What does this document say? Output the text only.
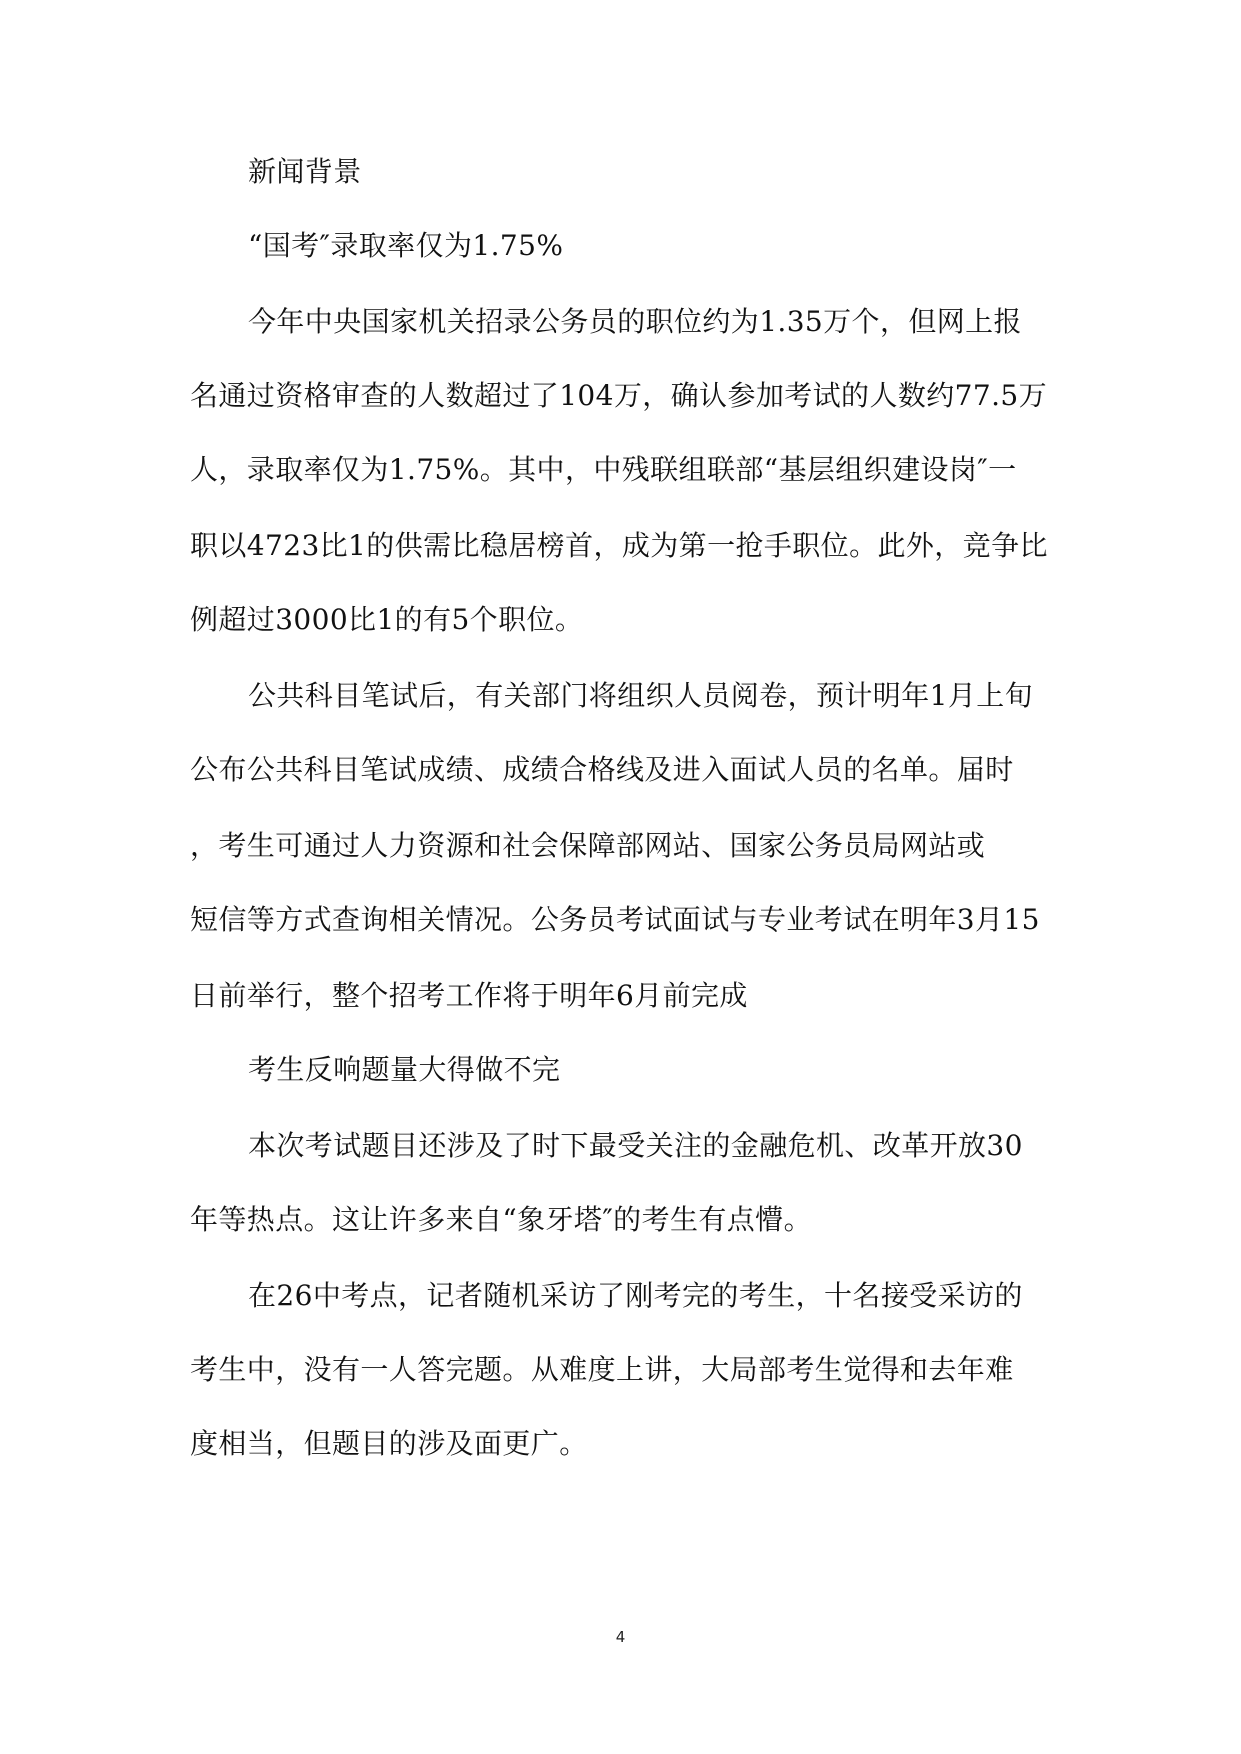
新闻背景
“国考″录取率仅为1.75%
今年中央国家机关招录公务员的职位约为1.35万个，但网上报
名通过资格审查的人数超过了104万，确认参加考试的人数约77.5万
人，录取率仅为1.75%。其中，中残联组联部“基层组织建设岗″一
职以4723比1的供需比稳居榜首，成为第一抢手职位。此外，竞争比
例超过3000比1的有5个职位。
公共科目笔试后，有关部门将组织人员阅卷，预计明年1月上旬
公布公共科目笔试成绩、成绩合格线及进入面试人员的名单。届时
，考生可通过人力资源和社会保障部网站、国家公务员局网站或
短信等方式查询相关情况。公务员考试面试与专业考试在明年3月15
日前举行，整个招考工作将于明年6月前完成
考生反响题量大得做不完
本次考试题目还涉及了时下最受关注的金融危机、改革开放30
年等热点。这让许多来自“象牙塔″的考生有点懵。
在26中考点，记者随机采访了刚考完的考生，十名接受采访的
考生中，没有一人答完题。从难度上讲，大局部考生觉得和去年难
度相当，但题目的涉及面更广。
4
